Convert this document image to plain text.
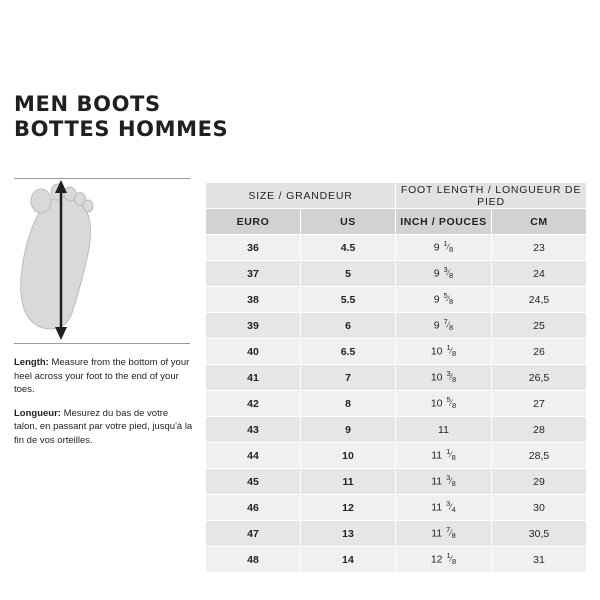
MEN BOOTS
BOTTES HOMMES

Length: Measure from the bottom of your heel across your foot to the end of your toes.

Longueur: Mesurez du bas de votre talon, en passant par votre pied, jusqu'à la fin de vos orteilles.

SIZE / GRANDEUR		FOOT LENGTH / LONGUEUR DE PIED	
EURO	US	INCH / POUCES	CM
36	4.5	9 $^1⁄_8$	23
37	5	9 $^3⁄_8$	24
38	5.5	9 $^5⁄_8$	24,5
39	6	9 $^7⁄_8$	25
40	6.5	10 $^1⁄_8$	26
41	7	10 $^3⁄_8$	26,5
42	8	10 $^5⁄_8$	27
43	9	11	28
44	10	11 $^1⁄_8$	28,5
45	11	11 $^3⁄_8$	29
46	12	11 $^3⁄_4$	30
47	13	11 $^7⁄_8$	30,5
48	14	12 $^1⁄_8$	31
